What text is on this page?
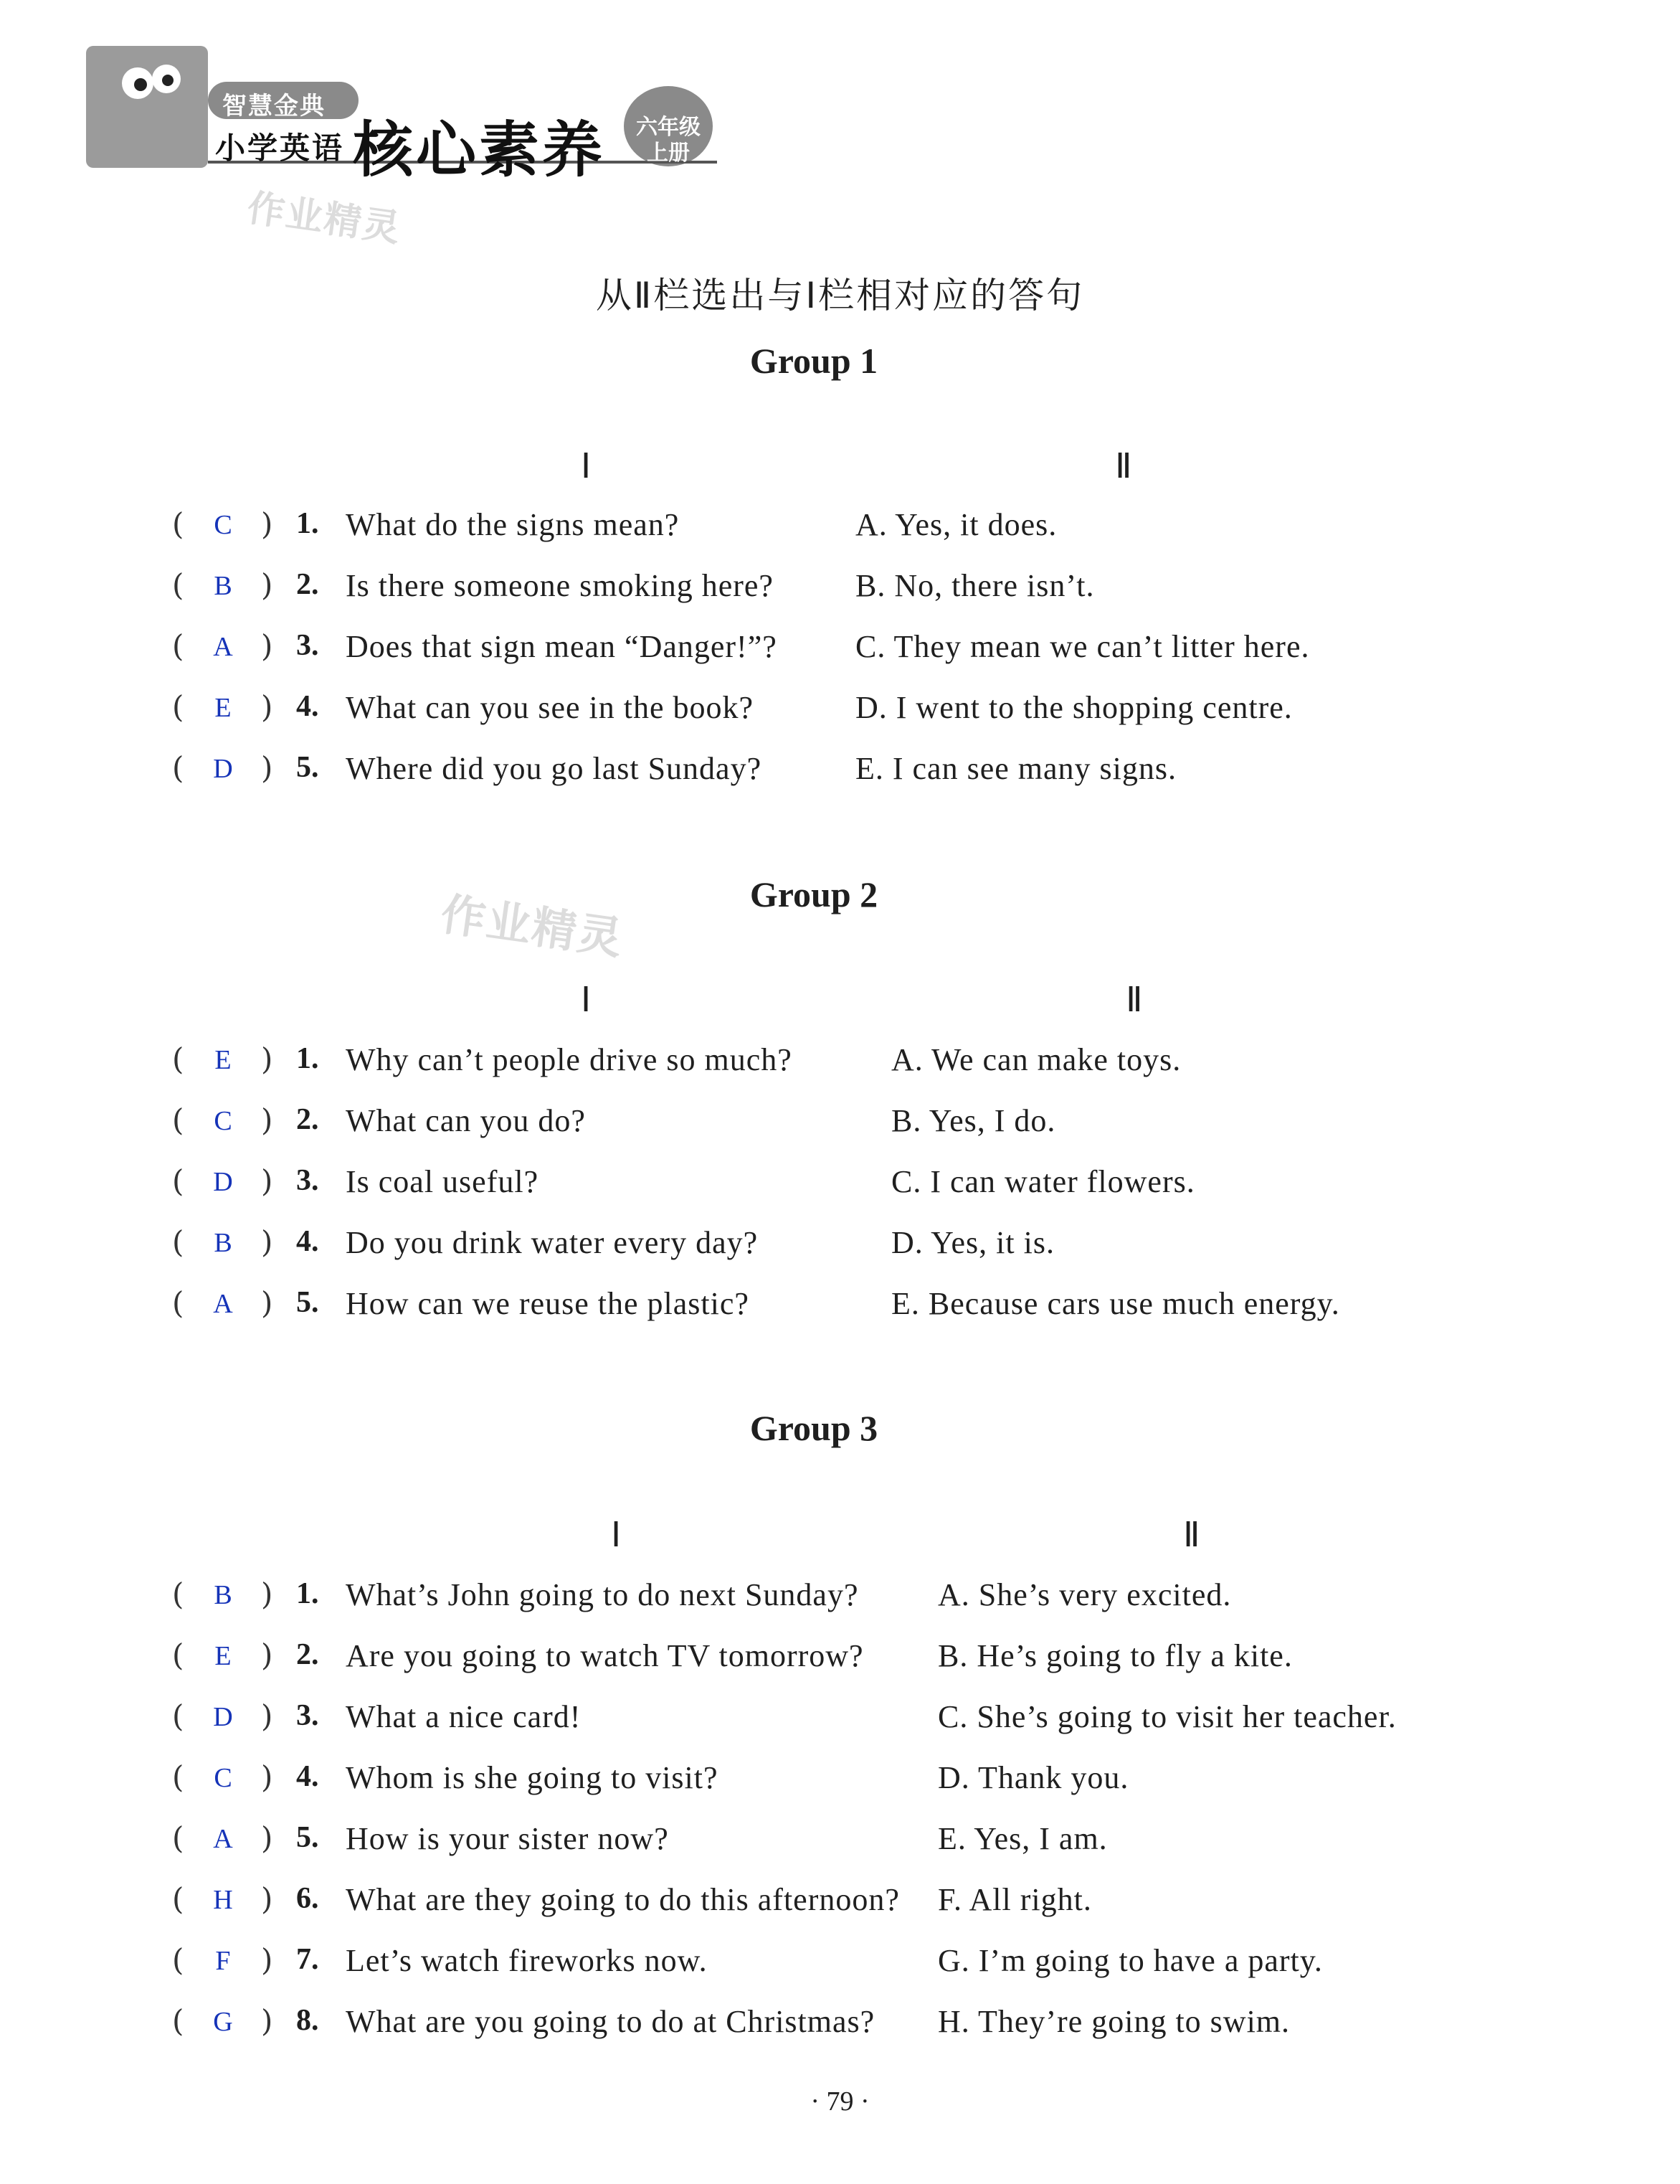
智慧金典
小学英语 核心素养	六年级
上册
作业精灵
作业精灵
从Ⅱ栏选出与Ⅰ栏相对应的答句
Group 1
Ⅰ	Ⅱ
(	C ) 1. What do the signs mean?	A. Yes, it does.
(	B ) 2. Is there someone smoking here?	B. No, there isn’t.
( A ) 3. Does that sign mean “Danger!”? C. They mean we can’t litter here.
(	E ) 4. What can you see in the book?	D. I went to the shopping centre.
( D ) 5. Where did you go last Sunday?	E. I can see many signs.
Group 2
Ⅰ	Ⅱ
(	E ) 1. Why can’t people drive so much?	A. We can make toys.
(	C ) 2. What can you do?	B. Yes, I do.
( D ) 3. Is coal useful?	C. I can water flowers.
(	B ) 4. Do you drink water every day?	D. Yes, it is.
( A ) 5. How can we reuse the plastic?	E. Because cars use much energy.
Group 3
Ⅰ	Ⅱ
(	B ) 1. What’s John going to do next Sunday?	A. She’s very excited.
(	E ) 2. Are you going to watch TV tomorrow? B. He’s going to fly a kite.
( D ) 3. What a nice card!	C. She’s going to visit her teacher.
(	C ) 4. Whom is she going to visit?	D. Thank you.
( A ) 5. How is your sister now?	E. Yes, I am.
( H ) 6. What are they going to do this afternoon? F. All right.
(	F	) 7. Let’s watch fireworks now.	G. I’m going to have a party.
( G ) 8. What are you going to do at Christmas? H. They’re going to swim.
· 79 ·
